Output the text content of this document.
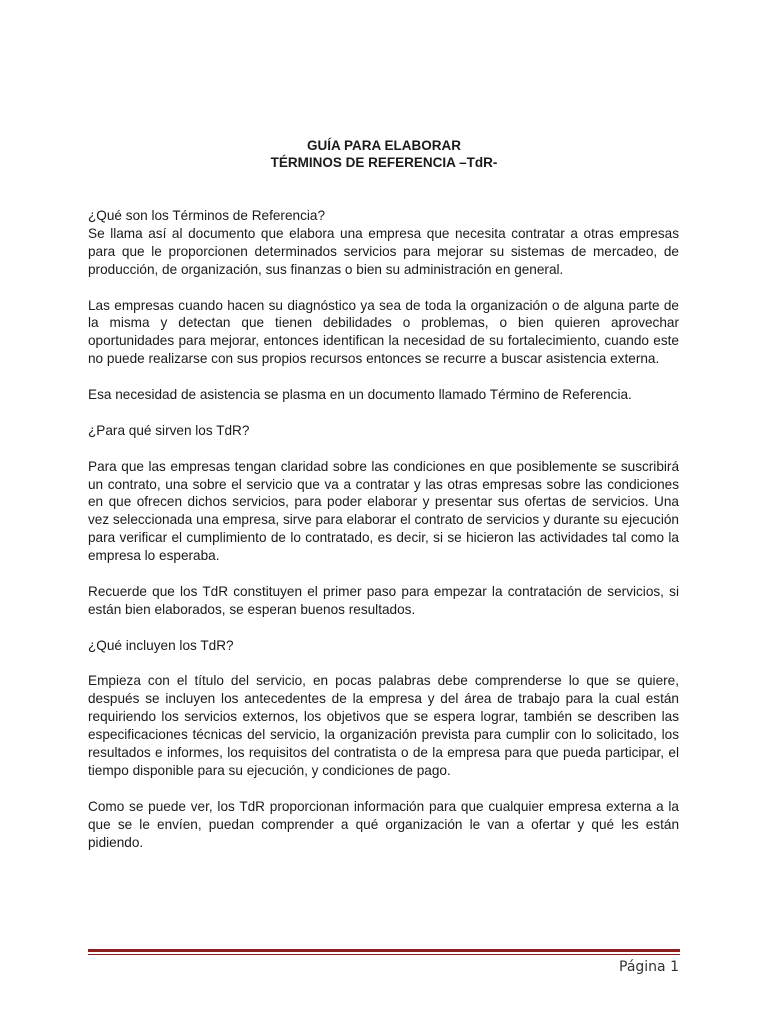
GUÍA PARA ELABORAR
TÉRMINOS DE REFERENCIA –TdR-

¿Qué son los Términos de Referencia?

Se llama así al documento que elabora una empresa que necesita contratar a otras empresas para que le proporcionen determinados servicios para mejorar su sistemas de mercadeo, de producción, de organización, sus finanzas o bien su administración en general.

Las empresas cuando hacen su diagnóstico ya sea de toda la organización o de alguna parte de la misma y detectan que tienen debilidades o problemas, o bien quieren aprovechar oportunidades para mejorar, entonces identifican la necesidad de su fortalecimiento, cuando este no puede realizarse con sus propios recursos entonces se recurre a buscar asistencia externa.

Esa necesidad de asistencia se plasma en un documento llamado Término de Referencia.

¿Para qué sirven los TdR?

Para que las empresas tengan claridad sobre las condiciones en que posiblemente se suscribirá un contrato, una sobre el servicio que va a contratar y las otras empresas sobre las condiciones en que ofrecen dichos servicios, para poder elaborar y presentar sus ofertas de servicios. Una vez seleccionada una empresa, sirve para elaborar el contrato de servicios y durante su ejecución para verificar el cumplimiento de lo contratado, es decir, si se hicieron las actividades tal como la empresa lo esperaba.

Recuerde que los TdR constituyen el primer paso para empezar la contratación de servicios, si están bien elaborados, se esperan buenos resultados.

¿Qué incluyen los TdR?

Empieza con el título del servicio, en pocas palabras debe comprenderse lo que se quiere, después se incluyen los antecedentes de la empresa y del área de trabajo para la cual están requiriendo los servicios externos, los objetivos que se espera lograr, también se describen las especificaciones técnicas del servicio, la organización prevista para cumplir con lo solicitado, los resultados e informes, los requisitos del contratista o de la empresa para que pueda participar, el tiempo disponible para su ejecución, y condiciones de pago.

Como se puede ver, los TdR proporcionan información para que cualquier empresa externa a la que se le envíen, puedan comprender a qué organización le van a ofertar y qué les están pidiendo.

Página 1
